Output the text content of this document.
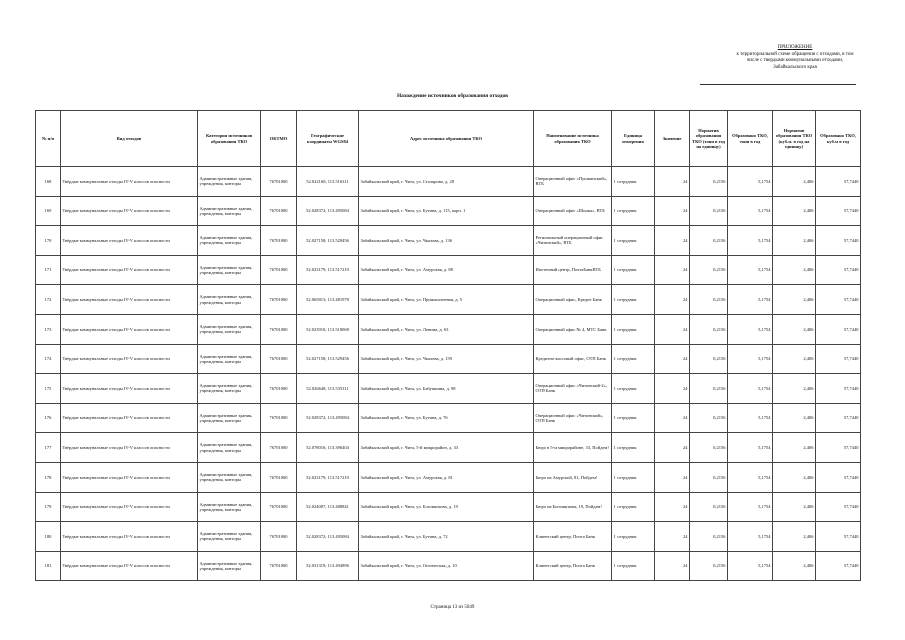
ПРИЛОЖЕНИЕ
к территориальной схеме обращения с отходами, в том
числе с твердыми коммунальными отходами,
Забайкальского края
Нахождение источников образования отходов
№ п/п	Вид отходов	Категория источников образования ТКО	ОКТМО	Географические координаты WGS84	Адрес источника образования ТКО	Наименование источника образования ТКО	Единица измерения	Значение	Норматив образования ТКО (тонн в год на единицу)	Образовано ТКО, тонн в год	Норматив образования ТКО (куб.м. в год на единицу)	Образовано ТКО, куб.м в год
168	Твёрдые коммунальные отходы IV-V классов опасности	Административные здания, учреждения, конторы	76701000	52.022160; 113.516311	Забайкальский край, г. Чита, ул. Столярова, д. 28	Операционный офис «Пушкинский», ВТБ	1 сотрудник	24	0,2156	5,1754	2,406	57,7440
169	Твёрдые коммунальные отходы IV-V классов опасности	Административные здания, учреждения, конторы	76701000	52.028372; 113.495084	Забайкальский край, г. Чита, ул. Бутина, д. 115, корп. 1	Операционный офис «Шилка», ВТБ	1 сотрудник	24	0,2156	5,1754	2,406	57,7440
170	Твёрдые коммунальные отходы IV-V классов опасности	Административные здания, учреждения, конторы	76701000	52.027158; 113.529456	Забайкальский край, г. Чита, ул. Чкалова, д. 136	Региональный операционный офис «Читинский», ВТБ	1 сотрудник	24	0,2156	5,1754	2,406	57,7440
171	Твёрдые коммунальные отходы IV-V классов опасности	Административные здания, учреждения, конторы	76701000	52.023179; 113.517219	Забайкальский край, г. Чита, ул. Амурская, д. 88	Ипотечный центр, ПочтаБанкВТБ	1 сотрудник	24	0,2156	5,1754	2,406	57,7440
172	Твёрдые коммунальные отходы IV-V классов опасности	Административные здания, учреждения, конторы	76701000	52.065813; 113.481978	Забайкальский край, г. Чита, ул. Промышленная, д. 5	Операционный офис, Кредит Банк	1 сотрудник	24	0,2156	5,1754	2,406	57,7440
173	Твёрдые коммунальные отходы IV-V классов опасности	Административные здания, учреждения, конторы	76701000	52.023910; 113.518068	Забайкальский край, г. Чита, ул. Ленина, д. 63	Операционный офис № 4, МТС Банк	1 сотрудник	24	0,2156	5,1754	2,406	57,7440
174	Твёрдые коммунальные отходы IV-V классов опасности	Административные здания, учреждения, конторы	76701000	52.027158; 113.529456	Забайкальский край, г. Чита, ул. Чкалова, д. 159	Кредитно-кассовый офис, ОТП Банк	1 сотрудник	24	0,2156	5,1754	2,406	57,7440
175	Твёрдые коммунальные отходы IV-V классов опасности	Административные здания, учреждения, конторы	76701000	52.026648; 113.535311	Забайкальский край, г. Чита, ул. Бабушкина, д. 98	Операционный офис «Читинский-2», ОТП Банк	1 сотрудник	24	0,2156	5,1754	2,406	57,7440
176	Твёрдые коммунальные отходы IV-V классов опасности	Административные здания, учреждения, конторы	76701000	52.028372; 113.495084	Забайкальский край, г. Чита, ул. Бутина, д. 76	Операционный офис «Читинский», ОТП Банк	1 сотрудник	24	0,2156	5,1754	2,406	57,7440
177	Твёрдые коммунальные отходы IV-V классов опасности	Административные здания, учреждения, конторы	76701000	52.078016; 113.396404	Забайкальский край, г. Чита, 5-й микрорайон, д. 33	Бюро в 5-м микрорайоне, 33, Пойдем!	1 сотрудник	24	0,2156	5,1754	2,406	57,7440
178	Твёрдые коммунальные отходы IV-V классов опасности	Административные здания, учреждения, конторы	76701000	52.023179; 113.517219	Забайкальский край, г. Чита, ул. Амурская, д. 81	Бюро на Амурской, 81, Пойдем!	1 сотрудник	24	0,2156	5,1754	2,406	57,7440
179	Твёрдые коммунальные отходы IV-V классов опасности	Административные здания, учреждения, конторы	76701000	52.024007; 113.488841	Забайкальский край, г. Чита, ул. Богомягкова, д. 19	Бюро на Богомягкова, 19, Пойдем!	1 сотрудник	24	0,2156	5,1754	2,406	57,7440
180	Твёрдые коммунальные отходы IV-V классов опасности	Административные здания, учреждения, конторы	76701000	52.028372; 113.495084	Забайкальский край, г. Чита, ул. Бутина, д. 72	Клиентский центр, Почта Банк	1 сотрудник	24	0,2156	5,1754	2,406	57,7440
181	Твёрдые коммунальные отходы IV-V классов опасности	Административные здания, учреждения, конторы	76701000	52.031319; 113.494896	Забайкальский край, г. Чита, ул. Оптическая, д. 10	Клиентский центр, Почта Банк	1 сотрудник	24	0,2156	5,1754	2,406	57,7440
Страница 13 из 5049
